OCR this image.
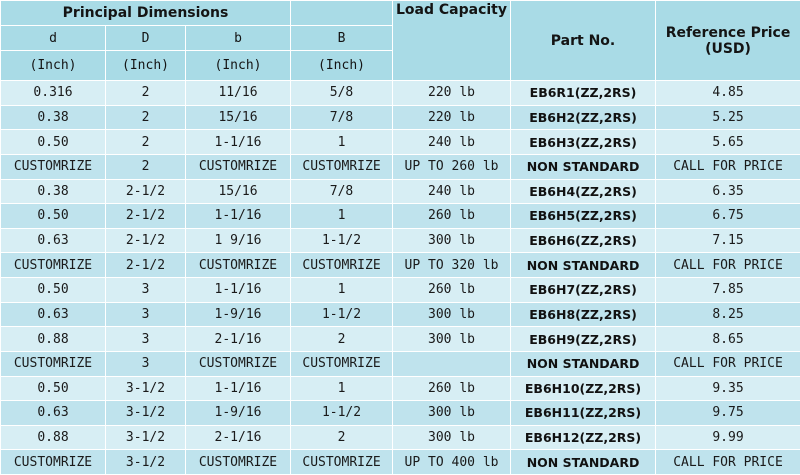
Principal Dimensions				Load Capacity	Part No.	Reference Price
(USD)
d	D	b	B			
(Inch)	(Inch)	(Inch)	(Inch)			
0.316	2	11/16	5/8	220 lb	EB6R1(ZZ,2RS)	4.85
0.38	2	15/16	7/8	220 lb	EB6H2(ZZ,2RS)	5.25
0.50	2	1-1/16	1	240 lb	EB6H3(ZZ,2RS)	5.65
CUSTOMRIZE	2	CUSTOMRIZE	CUSTOMRIZE	UP TO 260 lb	NON STANDARD	CALL FOR PRICE
0.38	2-1/2	15/16	7/8	240 lb	EB6H4(ZZ,2RS)	6.35
0.50	2-1/2	1-1/16	1	260 lb	EB6H5(ZZ,2RS)	6.75
0.63	2-1/2	1 9/16	1-1/2	300 lb	EB6H6(ZZ,2RS)	7.15
CUSTOMRIZE	2-1/2	CUSTOMRIZE	CUSTOMRIZE	UP TO 320 lb	NON STANDARD	CALL FOR PRICE
0.50	3	1-1/16	1	260 lb	EB6H7(ZZ,2RS)	7.85
0.63	3	1-9/16	1-1/2	300 lb	EB6H8(ZZ,2RS)	8.25
0.88	3	2-1/16	2	300 lb	EB6H9(ZZ,2RS)	8.65
CUSTOMRIZE	3	CUSTOMRIZE	CUSTOMRIZE		NON STANDARD	CALL FOR PRICE
0.50	3-1/2	1-1/16	1	260 lb	EB6H10(ZZ,2RS)	9.35
0.63	3-1/2	1-9/16	1-1/2	300 lb	EB6H11(ZZ,2RS)	9.75
0.88	3-1/2	2-1/16	2	300 lb	EB6H12(ZZ,2RS)	9.99
CUSTOMRIZE	3-1/2	CUSTOMRIZE	CUSTOMRIZE	UP TO 400 lb	NON STANDARD	CALL FOR PRICE
